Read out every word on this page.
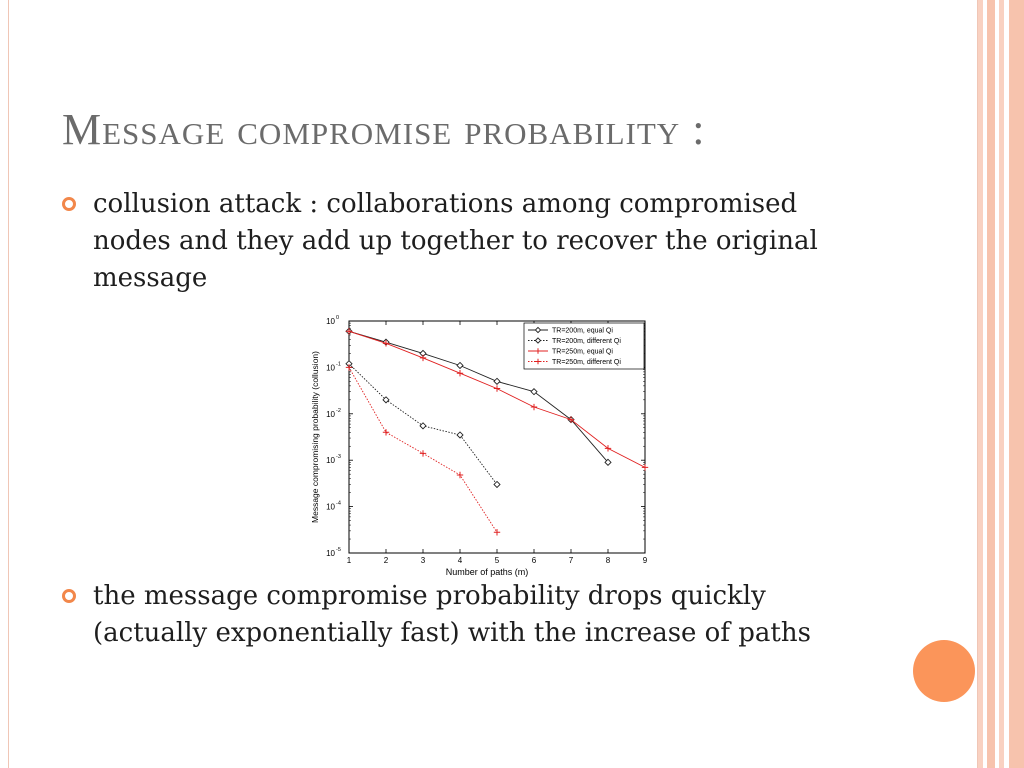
Message compromise probability :
collusion attack : collaborations among compromised nodes and they add up together to recover the original message
1	2	3	4	5	6	7	8	9
10 0
10 -1
10 -2
10 -3
10 -4
10 -5
TR=200m, equal Qi
TR=200m, different Qi
TR=250m, equal Qi
TR=250m, different Qi
Number of paths (m)
Message compromising probability (collusion)
the message compromise probability drops quickly (actually exponentially fast) with the increase of paths
